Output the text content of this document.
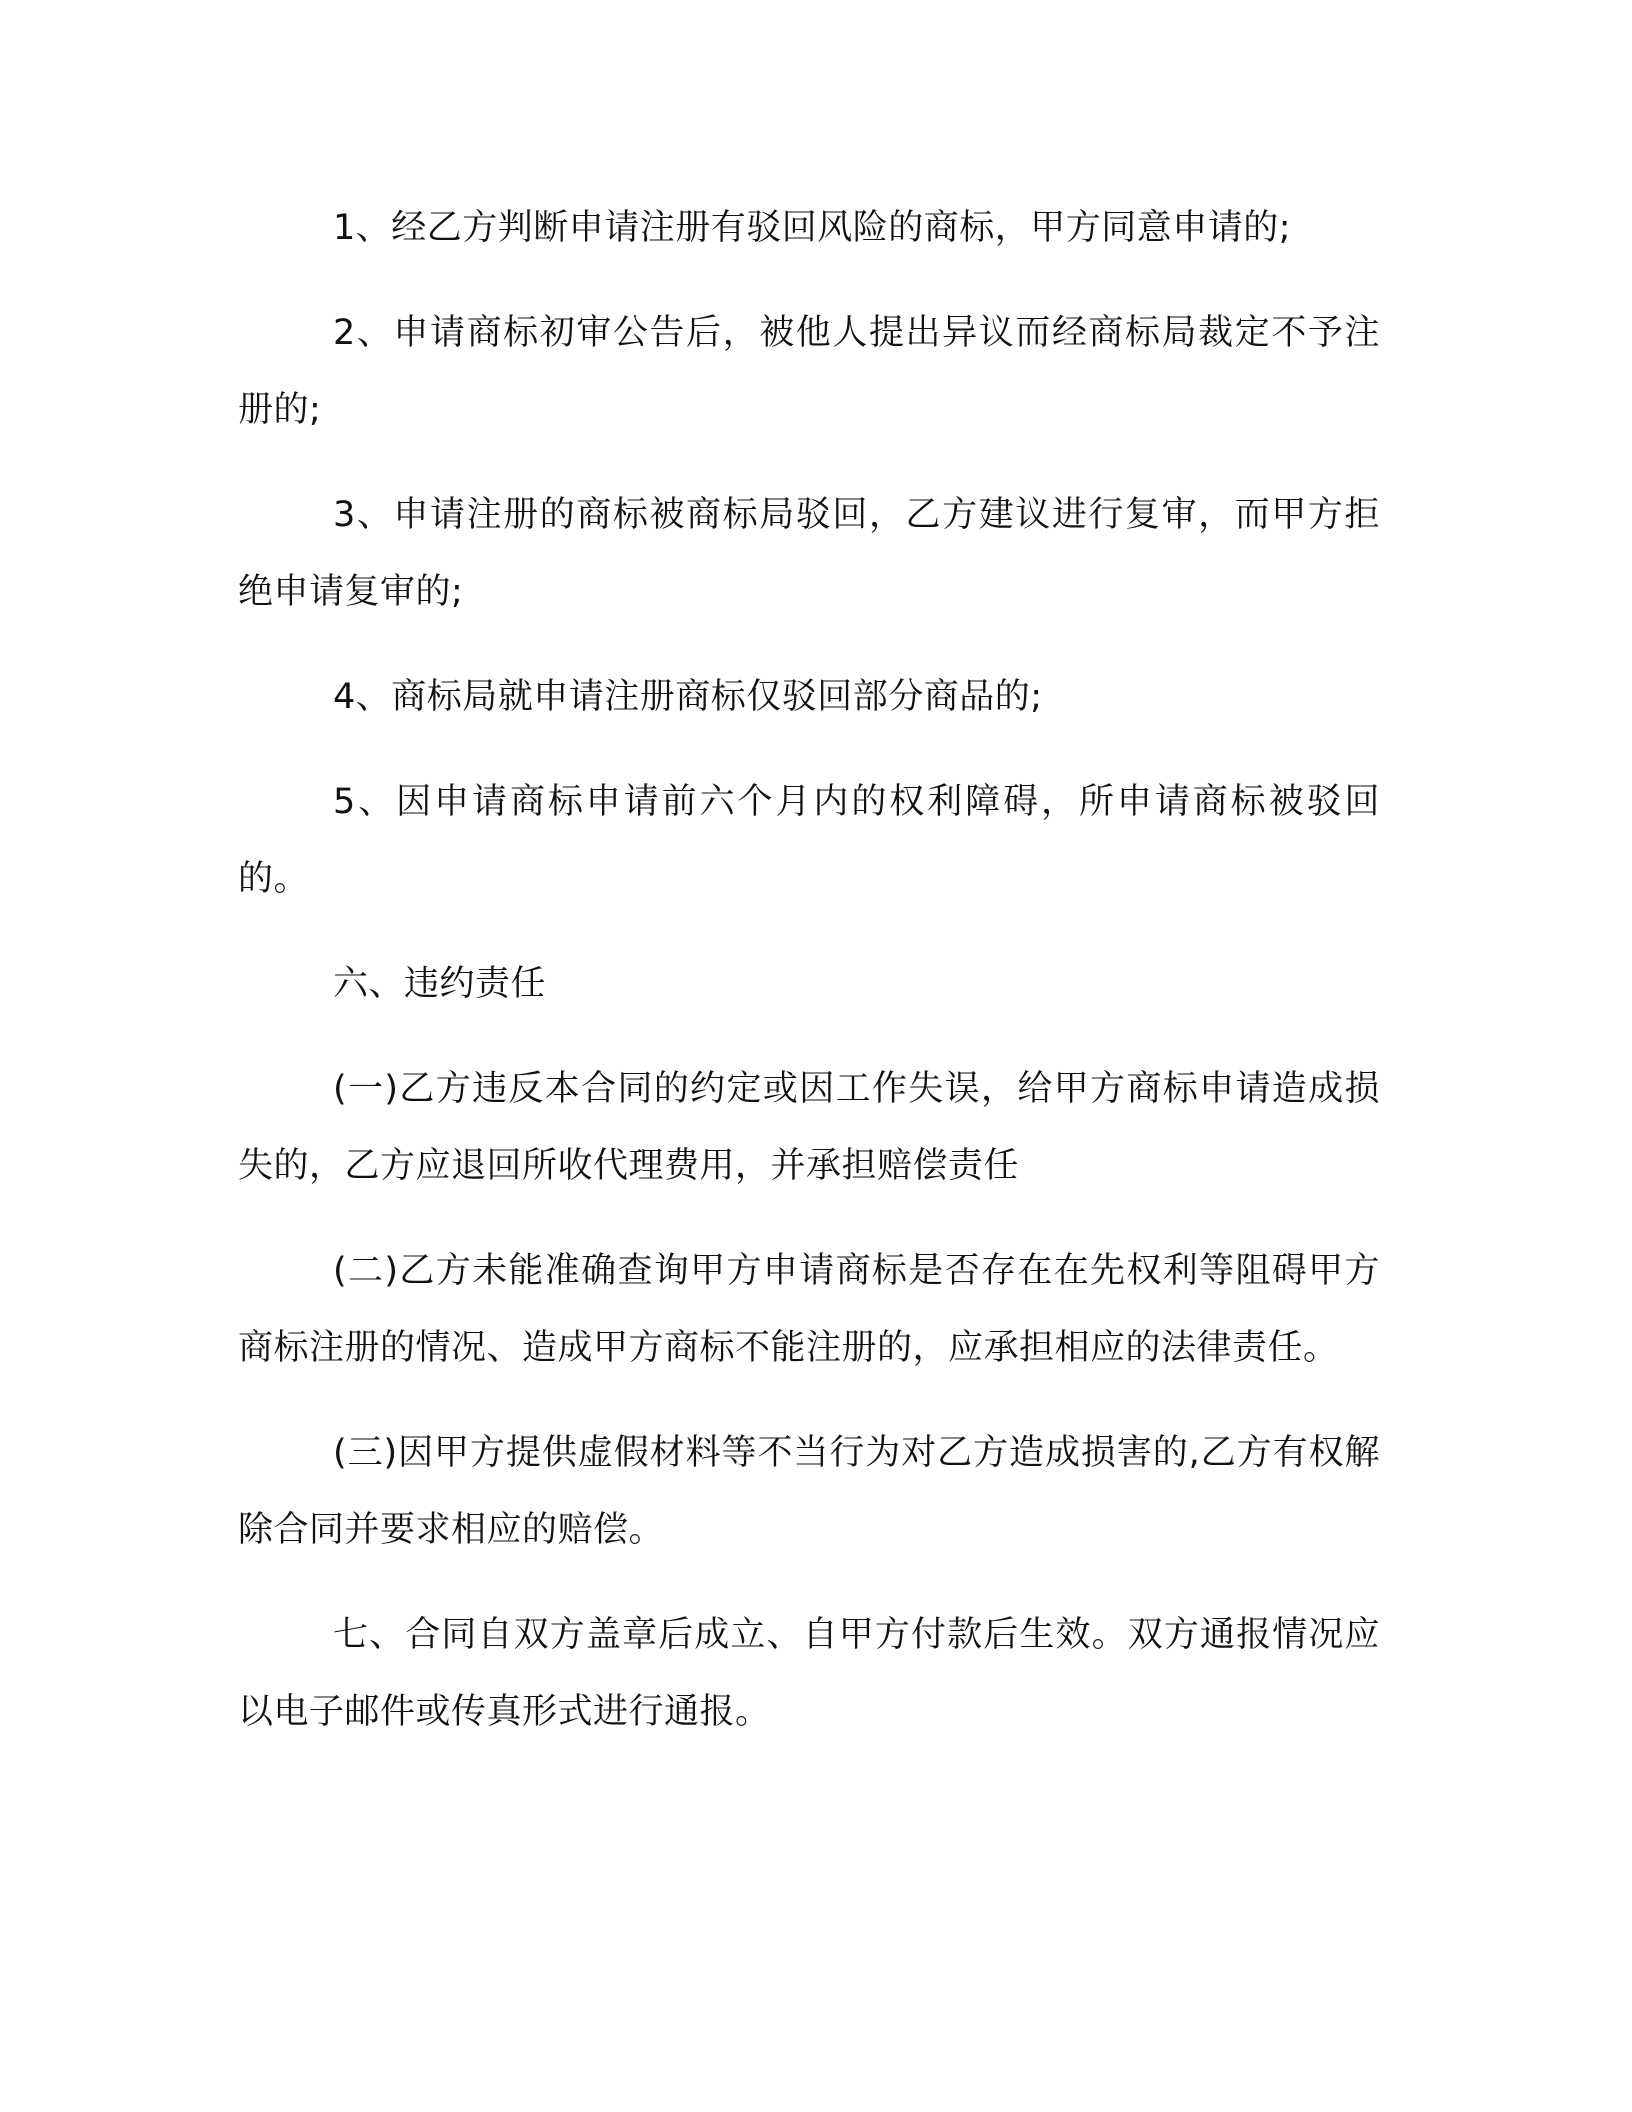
1、经乙方判断申请注册有驳回风险的商标，甲方同意申请的;

2、申请商标初审公告后，被他人提出异议而经商标局裁定不予注册的;

3、申请注册的商标被商标局驳回，乙方建议进行复审，而甲方拒绝申请复审的;

4、商标局就申请注册商标仅驳回部分商品的;

5、因申请商标申请前六个月内的权利障碍，所申请商标被驳回的。

六、违约责任

(一)乙方违反本合同的约定或因工作失误，给甲方商标申请造成损失的，乙方应退回所收代理费用，并承担赔偿责任

(二)乙方未能准确查询甲方申请商标是否存在在先权利等阻碍甲方商标注册的情况、造成甲方商标不能注册的，应承担相应的法律责任。

(三)因甲方提供虚假材料等不当行为对乙方造成损害的,乙方有权解除合同并要求相应的赔偿。

七、合同自双方盖章后成立、自甲方付款后生效。双方通报情况应以电子邮件或传真形式进行通报。
